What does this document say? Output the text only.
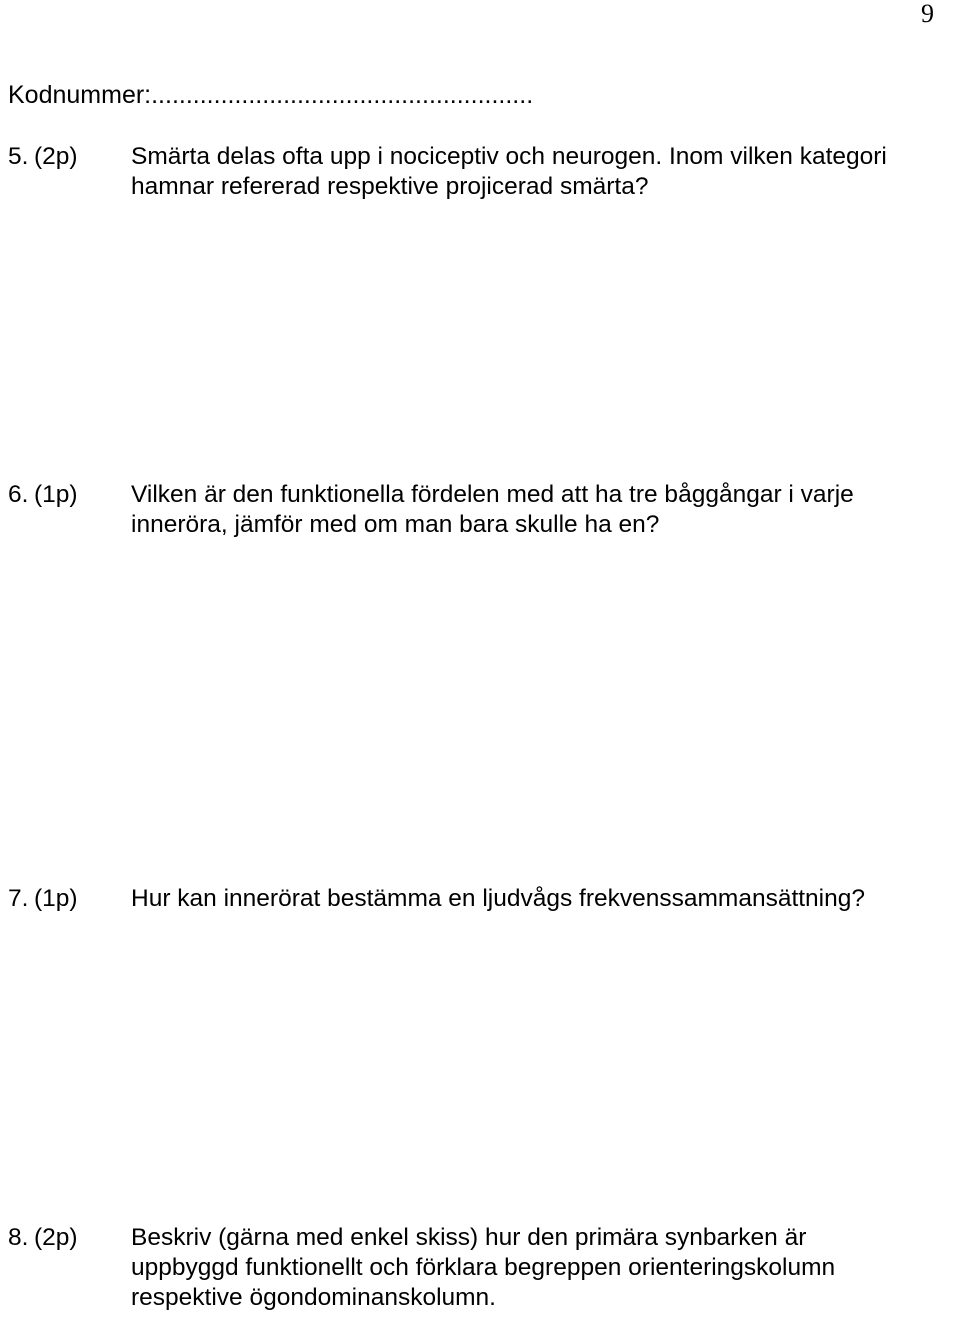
9
Kodnummer:.......................................................
5. (2p) Smärta delas ofta upp i nociceptiv och neurogen. Inom vilken kategori
hamnar refererad respektive projicerad smärta?
6. (1p) Vilken är den funktionella fördelen med att ha tre båggångar i varje
inneröra, jämför med om man bara skulle ha en?
7. (1p) Hur kan innerörat bestämma en ljudvågs frekvenssammansättning?
8. (2p) Beskriv (gärna med enkel skiss) hur den primära synbarken är
uppbyggd funktionellt och förklara begreppen orienteringskolumn
respektive ögondominanskolumn.
